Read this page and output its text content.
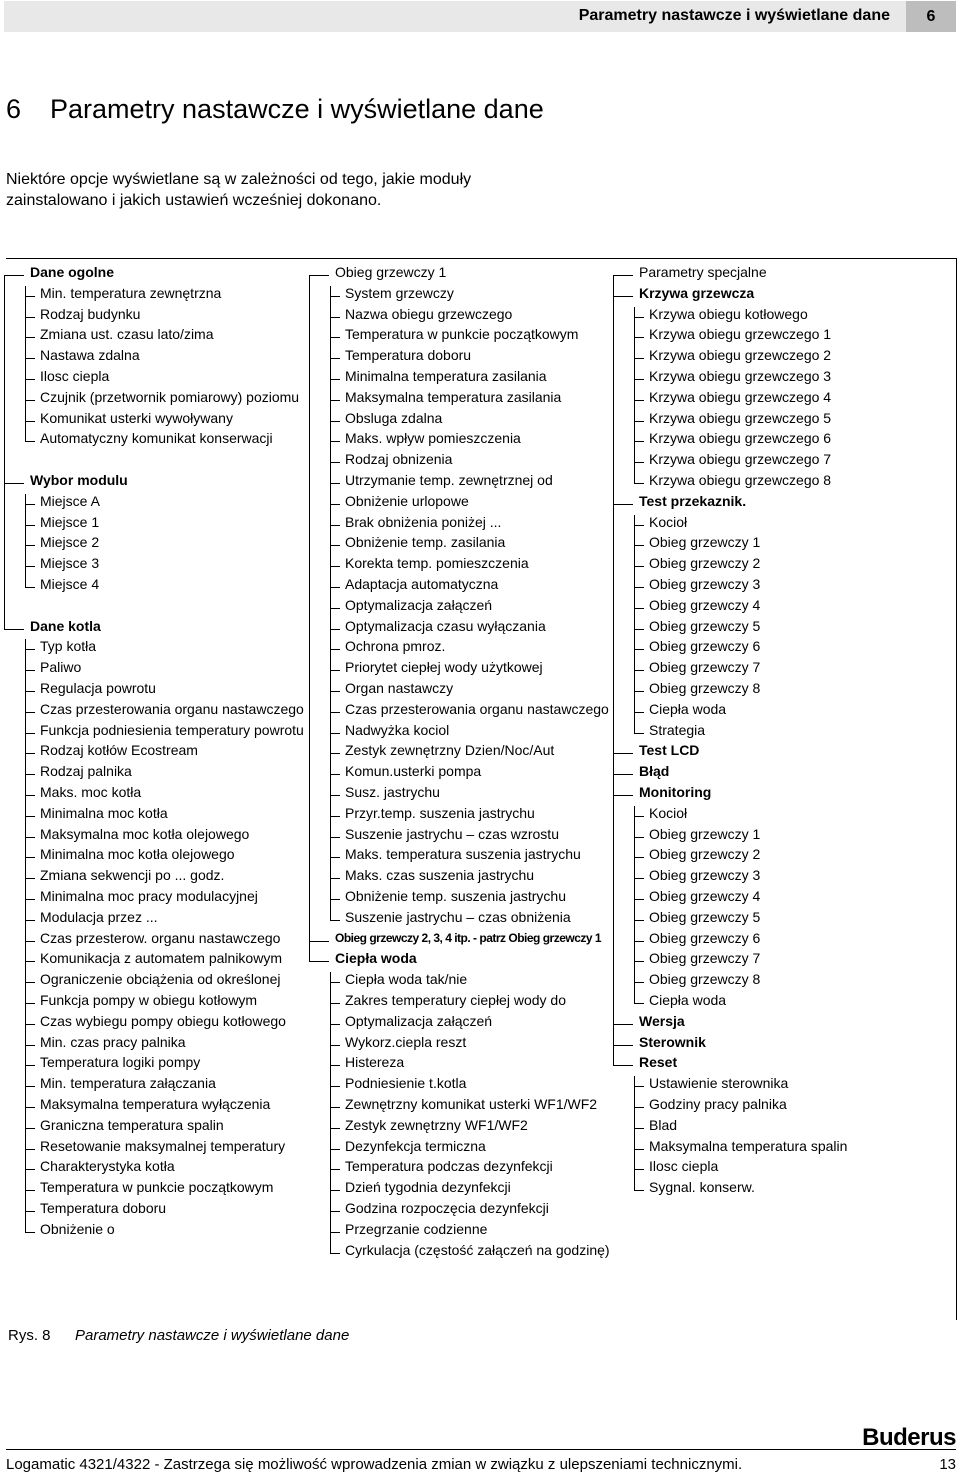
Parametry nastawcze i wyświetlane dane	6
6 Parametry nastawcze i wyświetlane dane
Niektóre opcje wyświetlane są w zależności od tego, jakie moduły zainstalowano i jakich ustawień wcześniej dokonano.
Dane ogolne
Min. temperatura zewnętrzna
Rodzaj budynku
Zmiana ust. czasu lato/zima
Nastawa zdalna
Ilosc ciepla
Czujnik (przetwornik pomiarowy) poziomu
Komunikat usterki wywoływany
Automatyczny komunikat konserwacji
Wybor modulu
Miejsce A
Miejsce 1
Miejsce 2
Miejsce 3
Miejsce 4
Dane kotla
Typ kotła
Paliwo
Regulacja powrotu
Czas przesterowania organu nastawczego
Funkcja podniesienia temperatury powrotu
Rodzaj kotłów Ecostream
Rodzaj palnika
Maks. moc kotła
Minimalna moc kotła
Maksymalna moc kotła olejowego
Minimalna moc kotła olejowego
Zmiana sekwencji po ... godz.
Minimalna moc pracy modulacyjnej
Modulacja przez ...
Czas przesterow. organu nastawczego
Komunikacja z automatem palnikowym
Ograniczenie obciążenia od określonej
Funkcja pompy w obiegu kotłowym
Czas wybiegu pompy obiegu kotłowego
Min. czas pracy palnika
Temperatura logiki pompy
Min. temperatura załączania
Maksymalna temperatura wyłączenia
Graniczna temperatura spalin
Resetowanie maksymalnej temperatury
Charakterystyka kotła
Temperatura w punkcie początkowym
Temperatura doboru
Obniżenie o
Obieg grzewczy 1
System grzewczy
Nazwa obiegu grzewczego
Temperatura w punkcie początkowym
Temperatura doboru
Minimalna temperatura zasilania
Maksymalna temperatura zasilania
Obsluga zdalna
Maks. wpływ pomieszczenia
Rodzaj obnizenia
Utrzymanie temp. zewnętrznej od
Obniżenie urlopowe
Brak obniżenia poniżej ...
Obniżenie temp. zasilania
Korekta temp. pomieszczenia
Adaptacja automatyczna
Optymalizacja załączeń
Optymalizacja czasu wyłączania
Ochrona pmroz.
Priorytet ciepłej wody użytkowej
Organ nastawczy
Czas przesterowania organu nastawczego
Nadwyżka kociol
Zestyk zewnętrzny Dzien/Noc/Aut
Komun.usterki pompa
Susz. jastrychu
Przyr.temp. suszenia jastrychu
Suszenie jastrychu – czas wzrostu
Maks. temperatura suszenia jastrychu
Maks. czas suszenia jastrychu
Obniżenie temp. suszenia jastrychu
Suszenie jastrychu – czas obniżenia
Obieg grzewczy 2, 3, 4 itp. - patrz Obieg grzewczy 1
Ciepła woda
Ciepła woda tak/nie
Zakres temperatury ciepłej wody do
Optymalizacja załączeń
Wykorz.ciepla reszt
Histereza
Podniesienie t.kotla
Zewnętrzny komunikat usterki WF1/WF2
Zestyk zewnętrzny WF1/WF2
Dezynfekcja termiczna
Temperatura podczas dezynfekcji
Dzień tygodnia dezynfekcji
Godzina rozpoczęcia dezynfekcji
Przegrzanie codzienne
Cyrkulacja (częstość załączeń na godzinę)
Parametry specjalne
Krzywa grzewcza
Krzywa obiegu kotłowego
Krzywa obiegu grzewczego 1
Krzywa obiegu grzewczego 2
Krzywa obiegu grzewczego 3
Krzywa obiegu grzewczego 4
Krzywa obiegu grzewczego 5
Krzywa obiegu grzewczego 6
Krzywa obiegu grzewczego 7
Krzywa obiegu grzewczego 8
Test przekaznik.
Kocioł
Obieg grzewczy 1
Obieg grzewczy 2
Obieg grzewczy 3
Obieg grzewczy 4
Obieg grzewczy 5
Obieg grzewczy 6
Obieg grzewczy 7
Obieg grzewczy 8
Ciepła woda
Strategia
Test LCD
Błąd
Monitoring
Kocioł
Obieg grzewczy 1
Obieg grzewczy 2
Obieg grzewczy 3
Obieg grzewczy 4
Obieg grzewczy 5
Obieg grzewczy 6
Obieg grzewczy 7
Obieg grzewczy 8
Ciepła woda
Wersja
Sterownik
Reset
Ustawienie sterownika
Godziny pracy palnika
Blad
Maksymalna temperatura spalin
Ilosc ciepla
Sygnal. konserw.
Rys. 8 Parametry nastawcze i wyświetlane dane
Buderus
Logamatic 4321/4322 - Zastrzega się możliwość wprowadzenia zmian w związku z ulepszeniami technicznymi.	13
